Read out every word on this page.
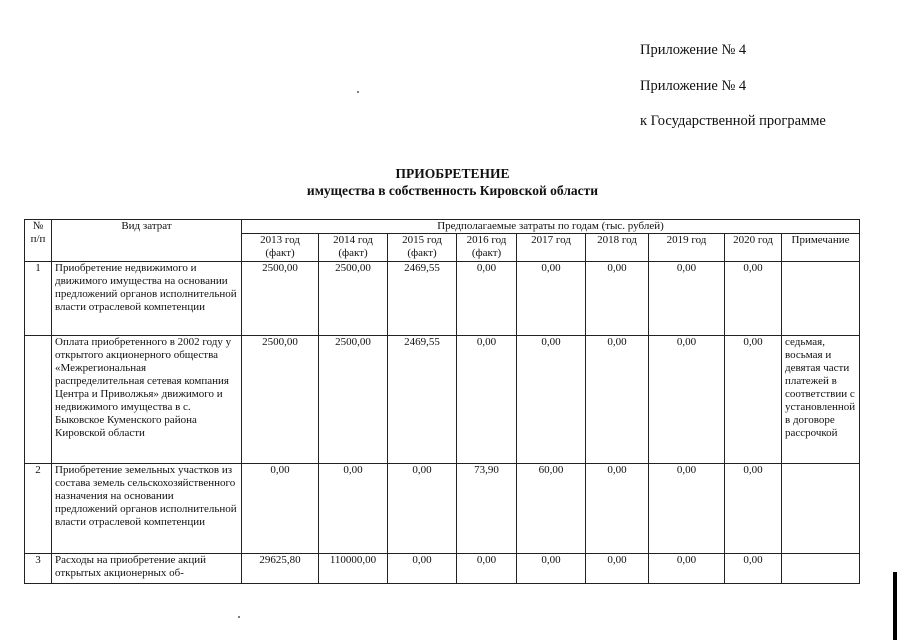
Приложение № 4
Приложение № 4
к Государственной программе
ПРИОБРЕТЕНИЕ
имущества в собственность Кировской области
№ п/п	Вид затрат	Предполагаемые затраты по годам (тыс. рублей)								
		2013 год (факт)	2014 год (факт)	2015 год (факт)	2016 год (факт)	2017 год	2018 год	2019 год	2020 год	Примечание
1	Приобретение недвижимого и движимого имущества на основании предложений органов исполнительной власти отраслевой компетенции	2500,00	2500,00	2469,55	0,00	0,00	0,00	0,00	0,00	
	Оплата приобретенного в 2002 году у открытого акционерного общества «Межрегиональная распределительная сетевая компания Центра и Приволжья» движимого и недвижимого имущества в с. Быковское Куменского района Кировской области	2500,00	2500,00	2469,55	0,00	0,00	0,00	0,00	0,00	седьмая, восьмая и девятая части платежей в соответствии с установленной в договоре рассрочкой
2	Приобретение земельных участков из состава земель сельскохозяйственного назначения на основании предложений органов исполнительной власти отраслевой компетенции	0,00	0,00	0,00	73,90	60,00	0,00	0,00	0,00	
3	Расходы на приобретение акций открытых акционерных об-	29625,80	110000,00	0,00	0,00	0,00	0,00	0,00	0,00	
